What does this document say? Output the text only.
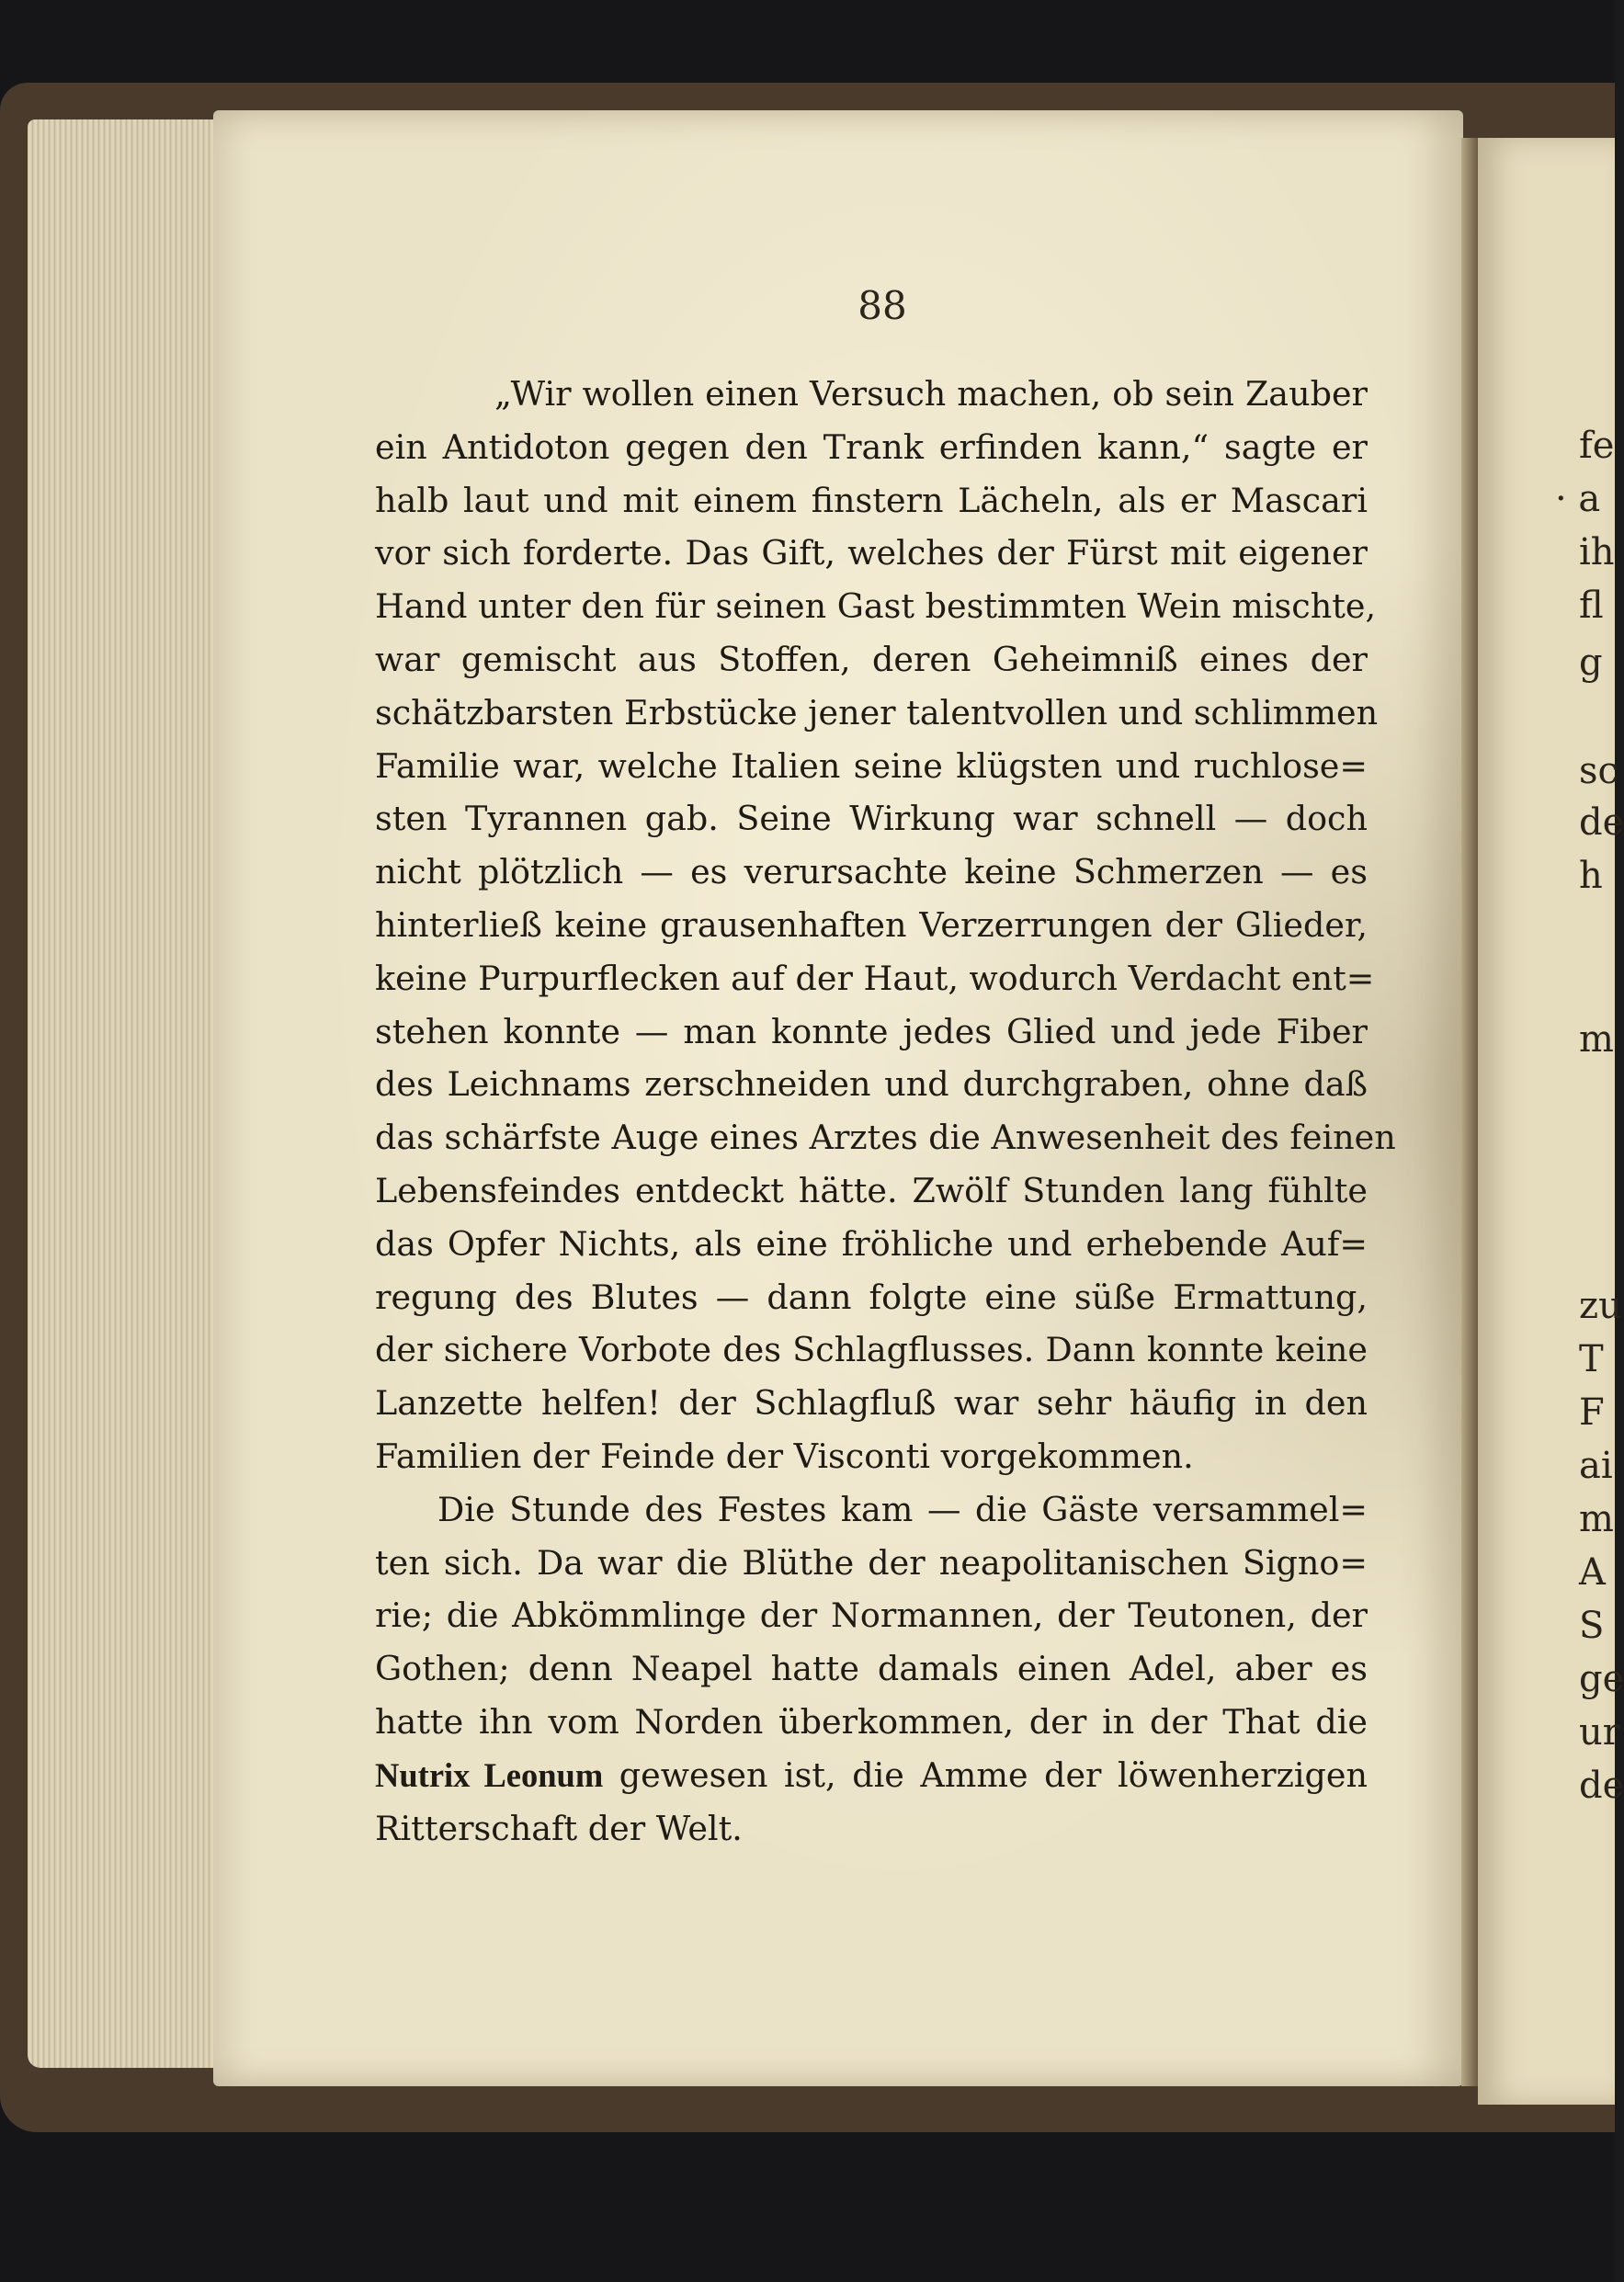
fe
· a
ih
fl
g
sc
de
h
m
zu
T
F
ai
m
A
S
ge
ur
de
88
„Wir wollen einen Versuch machen, ob sein Zauber
ein Antidoton gegen den Trank erfinden kann,“ sagte er
halb laut und mit einem finstern Lächeln, als er Mascari
vor sich forderte. Das Gift, welches der Fürst mit eigener
Hand unter den für seinen Gast bestimmten Wein mischte,
war gemischt aus Stoffen, deren Geheimniß eines der
schätzbarsten Erbstücke jener talentvollen und schlimmen
Familie war, welche Italien seine klügsten und ruchlose=
sten Tyrannen gab. Seine Wirkung war schnell — doch
nicht plötzlich — es verursachte keine Schmerzen — es
hinterließ keine grausenhaften Verzerrungen der Glieder,
keine Purpurflecken auf der Haut, wodurch Verdacht ent=
stehen konnte — man konnte jedes Glied und jede Fiber
des Leichnams zerschneiden und durchgraben, ohne daß
das schärfste Auge eines Arztes die Anwesenheit des feinen
Lebensfeindes entdeckt hätte. Zwölf Stunden lang fühlte
das Opfer Nichts, als eine fröhliche und erhebende Auf=
regung des Blutes — dann folgte eine süße Ermattung,
der sichere Vorbote des Schlagflusses. Dann konnte keine
Lanzette helfen! der Schlagfluß war sehr häufig in den
Familien der Feinde der Visconti vorgekommen.
Die Stunde des Festes kam — die Gäste versammel=
ten sich. Da war die Blüthe der neapolitanischen Signo=
rie; die Abkömmlinge der Normannen, der Teutonen, der
Gothen; denn Neapel hatte damals einen Adel, aber es
hatte ihn vom Norden überkommen, der in der That die
Nutrix Leonum gewesen ist, die Amme der löwenherzigen
Ritterschaft der Welt.
